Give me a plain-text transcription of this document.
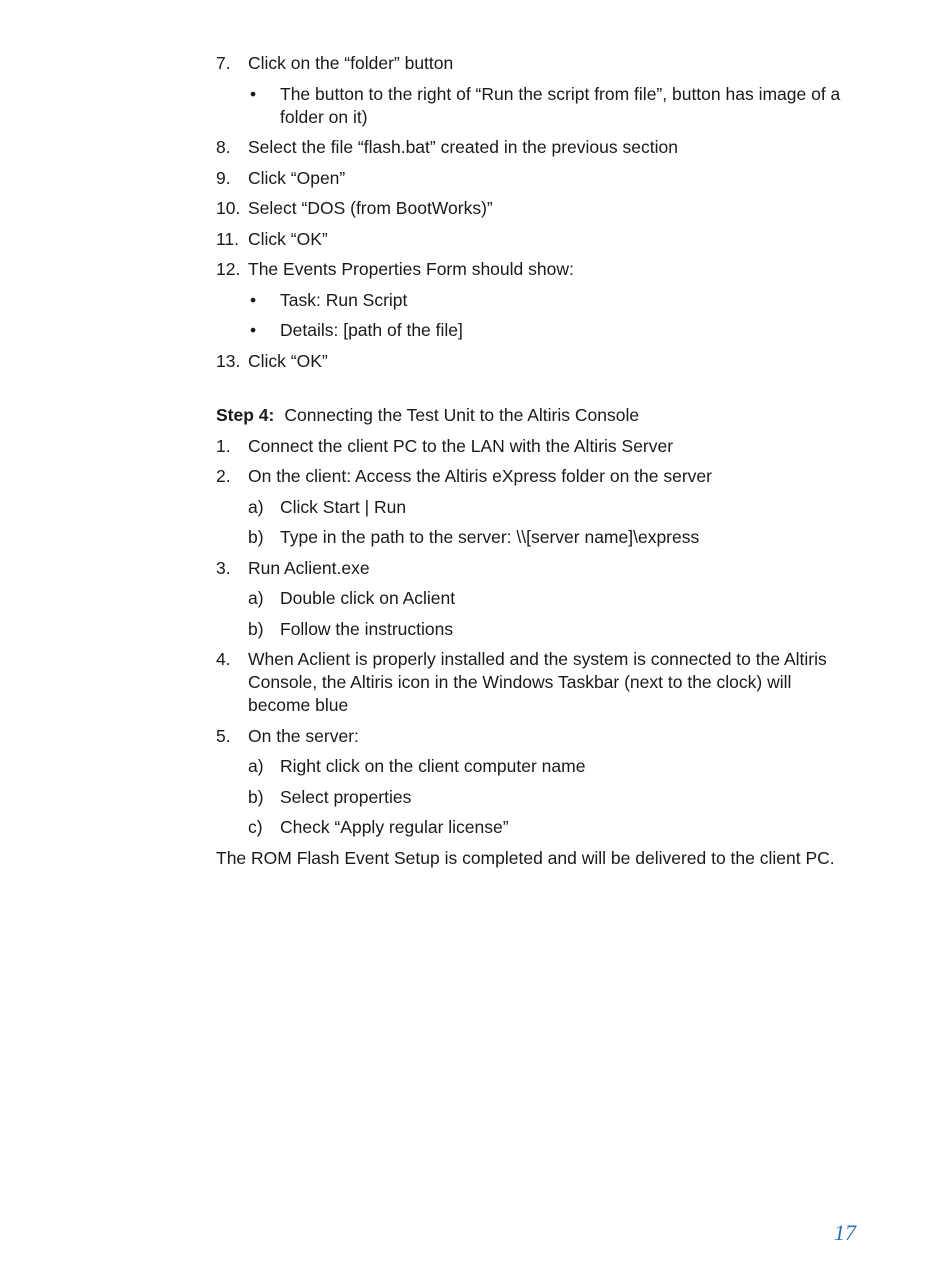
7. Click on the “folder” button
•	The button to the right of “Run the script from file”, button has image of a folder on it)
8. Select the file “flash.bat” created in the previous section
9. Click “Open”
10. Select “DOS (from BootWorks)”
11. Click “OK”
12. The Events Properties Form should show:
•	Task: Run Script
•	Details: [path of the file]
13. Click “OK”
Step 4: Connecting the Test Unit to the Altiris Console
1. Connect the client PC to the LAN with the Altiris Server
2. On the client: Access the Altiris eXpress folder on the server
a) Click Start | Run
b) Type in the path to the server: \\[server name]\express
3. Run Aclient.exe
a) Double click on Aclient
b) Follow the instructions
4. When Aclient is properly installed and the system is connected to the Altiris Console, the Altiris icon in the Windows Taskbar (next to the clock) will become blue
5. On the server:
a) Right click on the client computer name
b) Select properties
c) Check “Apply regular license”
The ROM Flash Event Setup is completed and will be delivered to the client PC.
17
